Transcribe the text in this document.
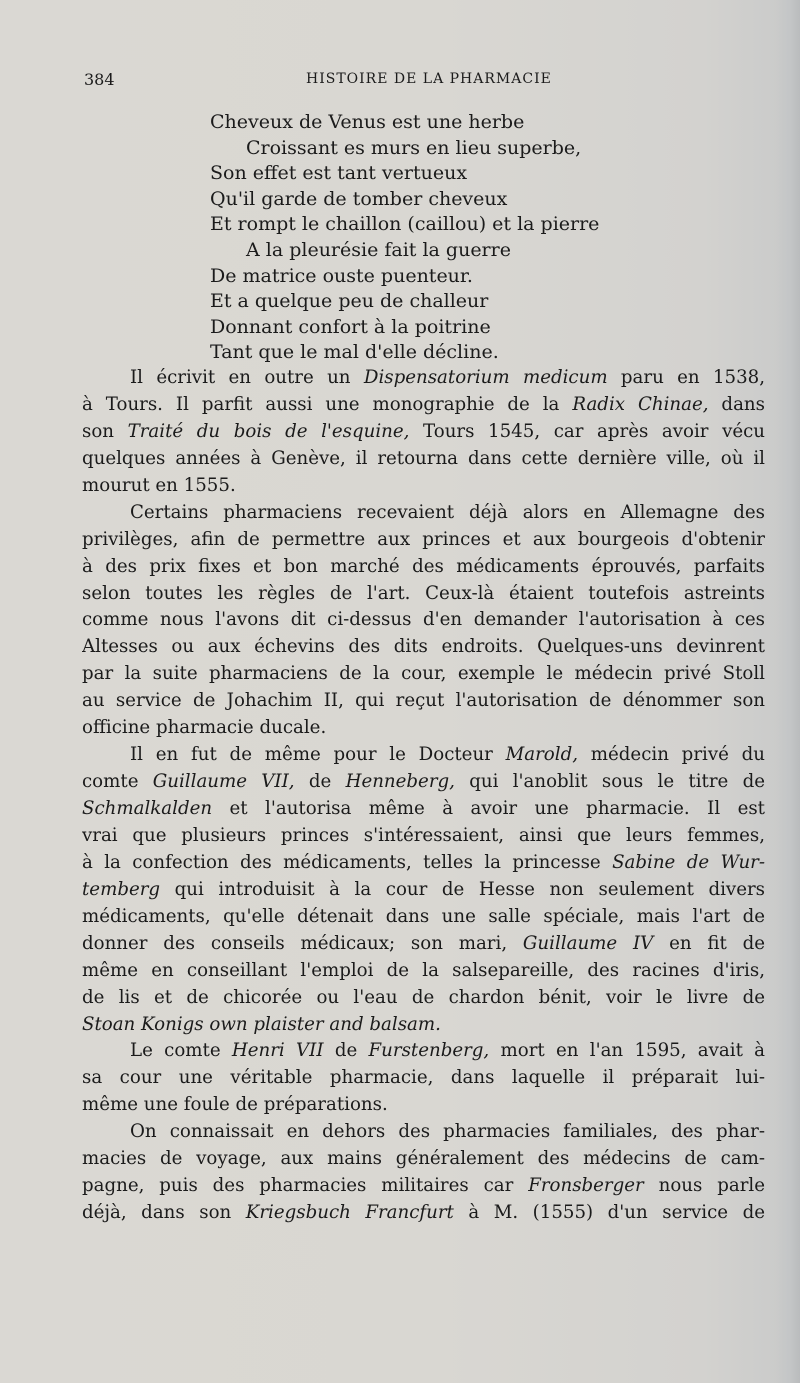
384	HISTOIRE DE LA PHARMACIE
Cheveux de Venus est une herbe
Croissant es murs en lieu superbe,
Son effet est tant vertueux
Qu'il garde de tomber cheveux
Et rompt le chaillon (caillou) et la pierre
A la pleurésie fait la guerre
De matrice ouste puenteur.
Et a quelque peu de challeur
Donnant confort à la poitrine
Tant que le mal d'elle décline.
Il écrivit en outre un Dispensatorium medicum paru en 1538,
à Tours. Il parfit aussi une monographie de la Radix Chinae, dans
son Traité du bois de l'esquine, Tours 1545, car après avoir vécu
quelques années à Genève, il retourna dans cette dernière ville, où il
mourut en 1555.
Certains pharmaciens recevaient déjà alors en Allemagne des
privilèges, afin de permettre aux princes et aux bourgeois d'obtenir
à des prix fixes et bon marché des médicaments éprouvés, parfaits
selon toutes les règles de l'art. Ceux-là étaient toutefois astreints
comme nous l'avons dit ci-dessus d'en demander l'autorisation à ces
Altesses ou aux échevins des dits endroits. Quelques-uns devinrent
par la suite pharmaciens de la cour, exemple le médecin privé Stoll
au service de Johachim II, qui reçut l'autorisation de dénommer son
officine pharmacie ducale.
Il en fut de même pour le Docteur Marold, médecin privé du
comte Guillaume VII, de Henneberg, qui l'anoblit sous le titre de
Schmalkalden et l'autorisa même à avoir une pharmacie. Il est
vrai que plusieurs princes s'intéressaient, ainsi que leurs femmes,
à la confection des médicaments, telles la princesse Sabine de Wur-
temberg qui introduisit à la cour de Hesse non seulement divers
médicaments, qu'elle détenait dans une salle spéciale, mais l'art de
donner des conseils médicaux; son mari, Guillaume IV en fit de
même en conseillant l'emploi de la salsepareille, des racines d'iris,
de lis et de chicorée ou l'eau de chardon bénit, voir le livre de
Stoan Konigs own plaister and balsam.
Le comte Henri VII de Furstenberg, mort en l'an 1595, avait à
sa cour une véritable pharmacie, dans laquelle il préparait lui-
même une foule de préparations.
On connaissait en dehors des pharmacies familiales, des phar-
macies de voyage, aux mains généralement des médecins de cam-
pagne, puis des pharmacies militaires car Fronsberger nous parle
déjà, dans son Kriegsbuch Francfurt à M. (1555) d'un service de
